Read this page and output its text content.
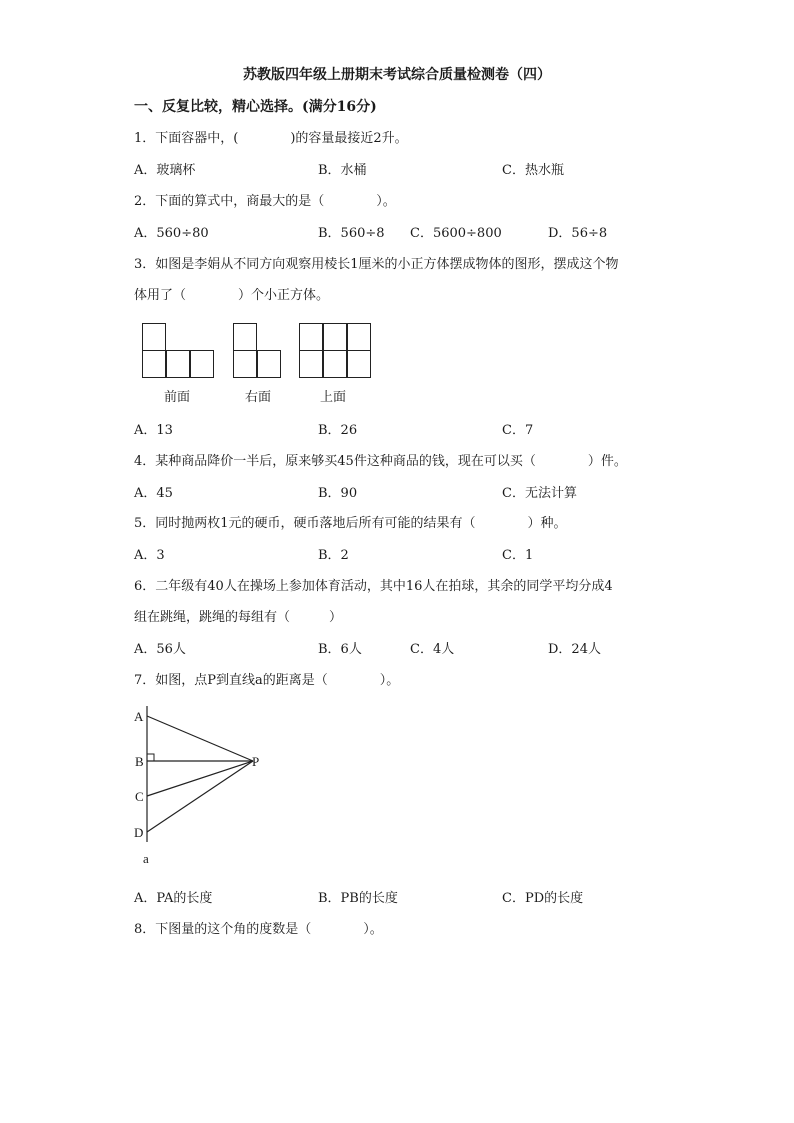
苏教版四年级上册期末考试综合质量检测卷（四）
一、反复比较，精心选择。(满分16分)
1．下面容器中，(　　　　)的容量最接近2升。
A．玻璃杯	B．水桶	C．热水瓶
2．下面的算式中，商最大的是（　　　　）。
A．560÷80	B．560÷8 C．5600÷800	D．56÷8
3．如图是李娟从不同方向观察用棱长1厘米的小正方体摆成物体的图形，摆成这个物
体用了（　　　　）个小正方体。
前面	右面	上面
A．13	B．26	C．7
4．某种商品降价一半后，原来够买45件这种商品的钱，现在可以买（　　　　）件。
A．45	B．90	C．无法计算
5．同时抛两枚1元的硬币，硬币落地后所有可能的结果有（　　　　）种。
A．3	B．2	C．1
6．二年级有40人在操场上参加体育活动，其中16人在拍球，其余的同学平均分成4
组在跳绳，跳绳的每组有（　　　）
A．56人	B．6人	C．4人	D．24人
7．如图，点P到直线a的距离是（　　　　）。
A
B
C
D
P
a
A．PA的长度	B．PB的长度	C．PD的长度
8．下图量的这个角的度数是（　　　　）。
